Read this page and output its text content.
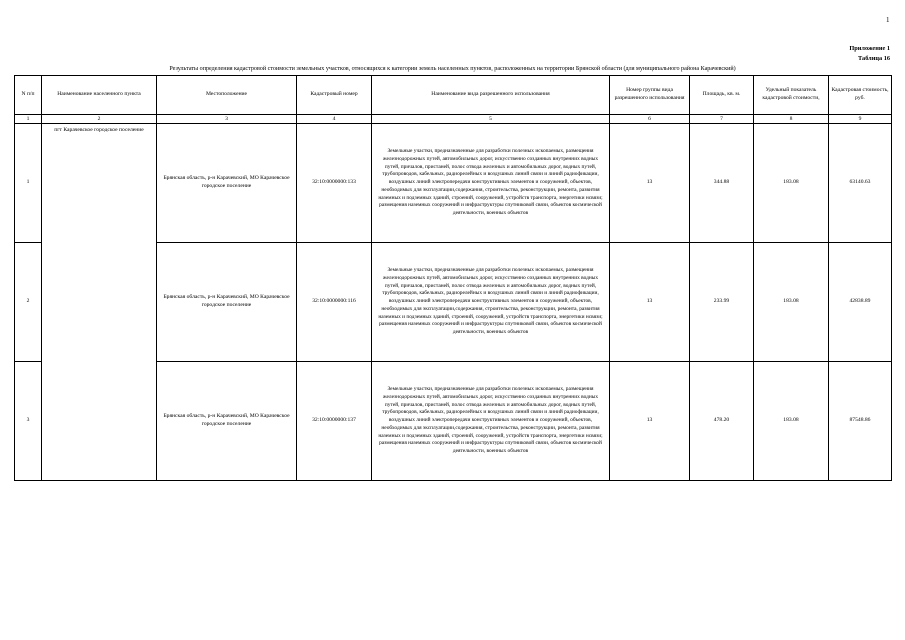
1
Приложение 1
Таблица 16
Результаты определения кадастровой стоимости земельных участков, относящихся к категории земель населенных пунктов, расположенных на территории Брянской области (для муниципального района Карачевский)
N п/п	Наименование населенного пункта	Местоположение	Кадастровый номер	Наименование вида разрешенного использования	Номер группы вида разрешенного использования	Площадь, кв. м.	Удельный показатель кадастровой стоимости,	Кадастровая стоимость, руб.
1	2	3	4	5	6	7	8	9
1	пгт Карачевское городское поселение	Брянская область, р-н Карачевский, МО Карачевское городское поселение	32:10:0000000:133	Земельные участки, предназначенные для разработки полезных ископаемых, размещения железнодорожных путей, автомобильных дорог, искусственно созданных внутренних водных путей, причалов, пристаней, полос отвода железных и автомобильных дорог, водных путей, трубопроводов, кабельных, радиорелейных и воздушных линий связи и линий радиофикации, воздушных линий электропередачи конструктивных элементов и сооружений, объектов, необходимых для эксплуатации,содержания, строительства, реконструкции, ремонта, развития наземных и подземных зданий, строений, сооружений, устройств транспорта, энергетики нсвязи; размещения наземных сооружений и инфраструктуры спутниковой связи, объектов космической деятельности, военных объектов	13	344.88	183.08	63140.63
2		Брянская область, р-н Карачевский, МО Карачевское городское поселение	32:10:0000000:116	Земельные участки, предназначенные для разработки полезных ископаемых, размещения железнодорожных путей, автомобильных дорог, искусственно созданных внутренних водных путей, причалов, пристаней, полос отвода железных и автомобильных дорог, водных путей, трубопроводов, кабельных, радиорелейных и воздушных линий связи и линий радиофикации, воздушных линий электропередачи конструктивных элементов и сооружений, объектов, необходимых для эксплуатации,содержания, строительства, реконструкции, ремонта, развития наземных и подземных зданий, строений, сооружений, устройств транспорта, энергетики нсвязи; размещения наземных сооружений и инфраструктуры спутниковой связи, объектов космической деятельности, военных объектов	13	233.99	183.08	42838.89
3		Брянская область, р-н Карачевский, МО Карачевское городское поселение	32:10:0000000:137	Земельные участки, предназначенные для разработки полезных ископаемых, размещения железнодорожных путей, автомобильных дорог, искусственно созданных внутренних водных путей, причалов, пристаней, полос отвода железных и автомобильных дорог, водных путей, трубопроводов, кабельных, радиорелейных и воздушных линий связи и линий радиофикации, воздушных линий электропередачи конструктивных элементов и сооружений, объектов, необходимых для эксплуатации,содержания, строительства, реконструкции, ремонта, развития наземных и подземных зданий, строений, сооружений, устройств транспорта, энергетики нсвязи; размещения наземных сооружений и инфраструктуры спутниковой связи, объектов космической деятельности, военных объектов	13	478.20	183.08	87548.86
